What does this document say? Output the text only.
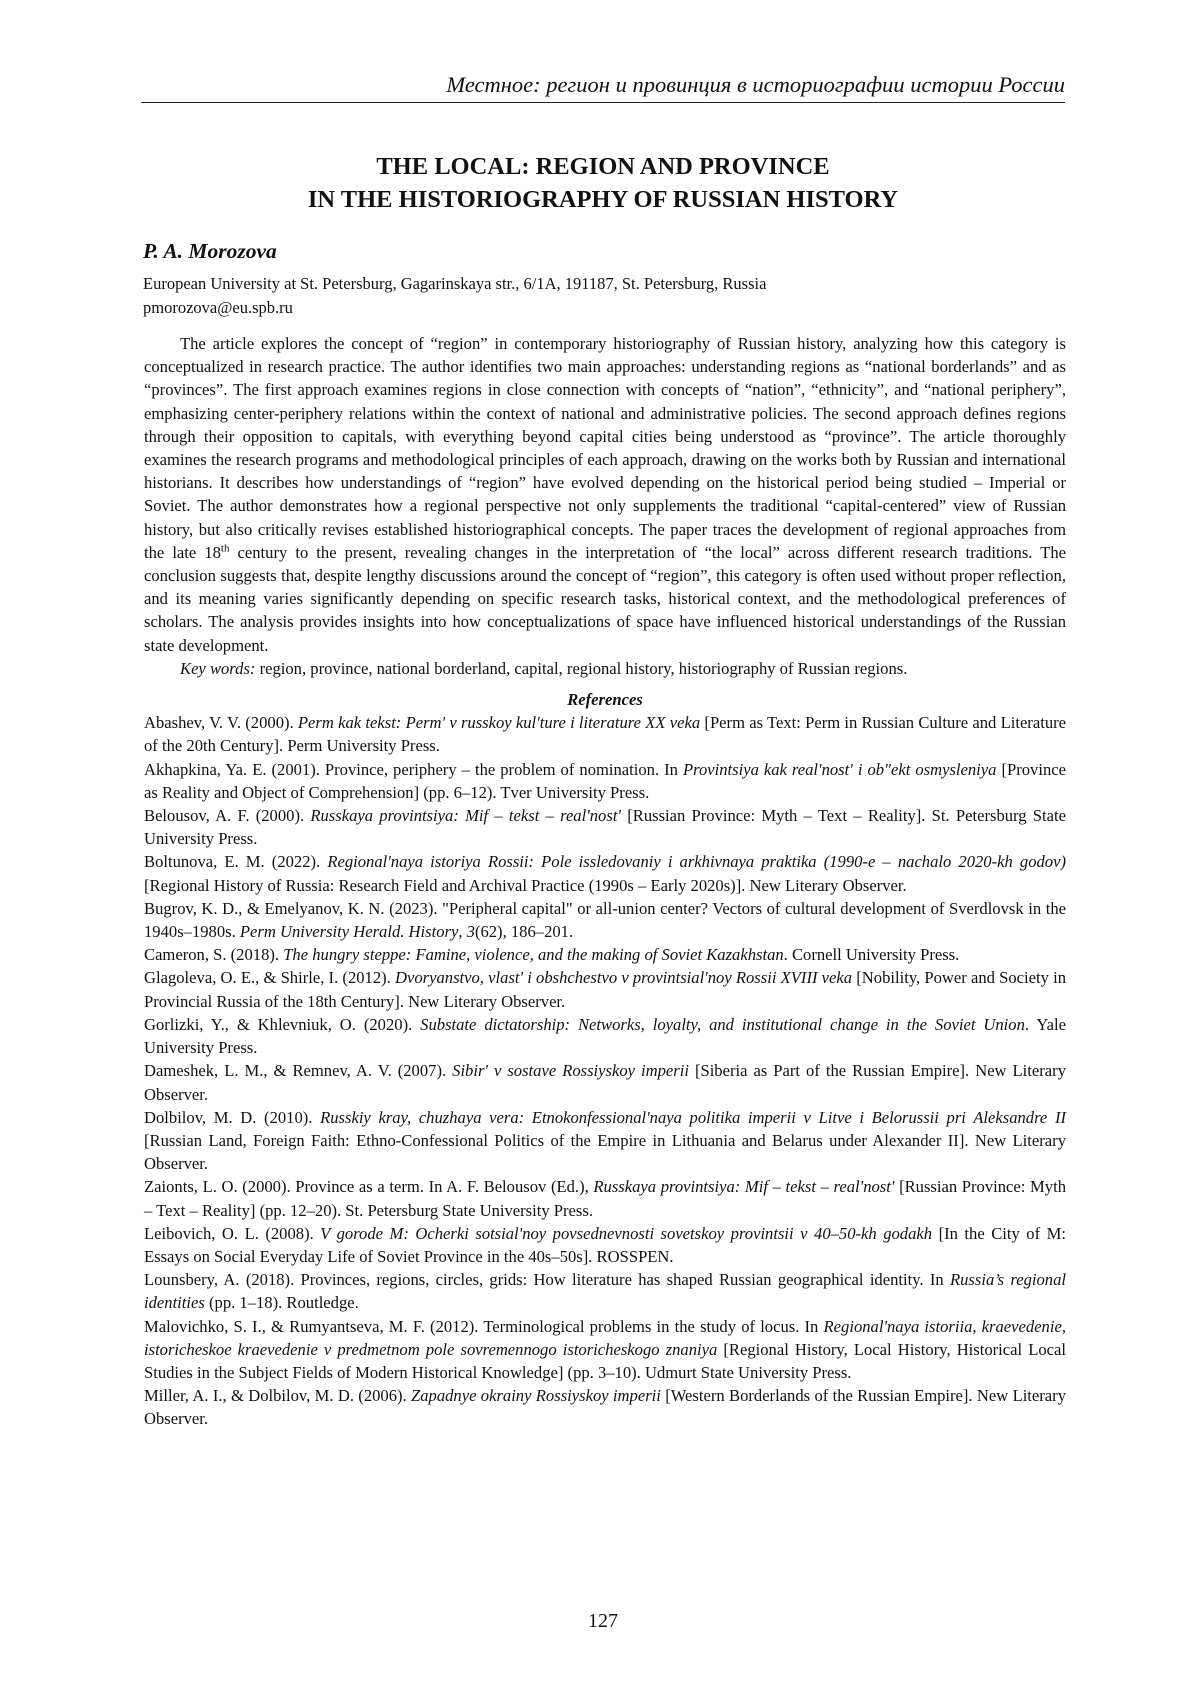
Местное: регион и провинция в историографии истории России
THE LOCAL: REGION AND PROVINCE
IN THE HISTORIOGRAPHY OF RUSSIAN HISTORY

P. A. Morozova

European University at St. Petersburg, Gagarinskaya str., 6/1A, 191187, St. Petersburg, Russia
pmorozova@eu.spb.ru

The article explores the concept of “region” in contemporary historiography of Russian history, analyzing how this category is conceptualized in research practice. The author identifies two main approaches: understanding re­gions as “national borderlands” and as “provinces”. The first approach examines regions in close connection with concepts of “nation”, “ethnicity”, and “national periphery”, emphasizing center-periphery relations within the context of national and administrative policies. The second approach defines regions through their opposition to capitals, with everything beyond capital cities being understood as “province”. The article thoroughly examines the research programs and methodological principles of each approach, drawing on the works both by Russian and international historians. It describes how understandings of “region” have evolved depending on the historical period being studied – Imperial or Soviet. The author demonstrates how a regional perspective not only supplements the traditional “capi­tal-centered” view of Russian history, but also critically revises established historiographical concepts. The paper traces the development of regional approaches from the late 18th century to the present, revealing changes in the in­terpretation of “the local” across different research traditions. The conclusion suggests that, despite lengthy discus­sions around the concept of “region”, this category is often used without proper reflection, and its meaning varies significantly depending on specific research tasks, historical context, and the methodological preferences of scholars. The analysis provides insights into how conceptualizations of space have influenced historical understandings of the Russian state development.

Key words: region, province, national borderland, capital, regional history, historiography of Russian regions.

References
Abashev, V. V. (2000). Perm kak tekst: Perm' v russkoy kul'ture i literature XX veka [Perm as Text: Perm in Russian Culture and Literature of the 20th Century]. Perm University Press.
Akhapkina, Ya. E. (2001). Province, periphery – the problem of nomination. In Provintsiya kak real'nost' i ob"ekt osmysleniya [Province as Reality and Object of Comprehension] (pp. 6–12). Tver University Press.
Belousov, A. F. (2000). Russkaya provintsiya: Mif – tekst – real'nost' [Russian Province: Myth – Text – Reality]. St. Petersburg State University Press.
Boltunova, E. M. (2022). Regional'naya istoriya Rossii: Pole issledovaniy i arkhivnaya praktika (1990-e – nachalo 2020-kh godov) [Regional History of Russia: Research Field and Archival Practice (1990s – Early 2020s)]. New Literary Observer.
Bugrov, K. D., & Emelyanov, K. N. (2023). "Peripheral capital" or all-union center? Vectors of cultural devel­opment of Sverdlovsk in the 1940s–1980s. Perm University Herald. History, 3(62), 186–201.
Cameron, S. (2018). The hungry steppe: Famine, violence, and the making of Soviet Kazakhstan. Cornell Uni­versity Press.
Glagoleva, O. E., & Shirle, I. (2012). Dvoryanstvo, vlast' i obshchestvo v provintsial'noy Rossii XVIII veka [No­bility, Power and Society in Provincial Russia of the 18th Century]. New Literary Observer.
Gorlizki, Y., & Khlevniuk, O. (2020). Substate dictatorship: Networks, loyalty, and institutional change in the Soviet Union. Yale University Press.
Dameshek, L. M., & Remnev, A. V. (2007). Sibir' v sostave Rossiyskoy imperii [Siberia as Part of the Russian Empire]. New Literary Observer.
Dolbilov, M. D. (2010). Russkiy kray, chuzhaya vera: Etnokonfessional'naya politika imperii v Litve i Belorussii pri Aleksandre II [Russian Land, Foreign Faith: Ethno-Confessional Politics of the Empire in Lithuania and Bel­arus under Alexander II]. New Literary Observer.
Zaionts, L. O. (2000). Province as a term. In A. F. Belousov (Ed.), Russkaya provintsiya: Mif – tekst – real'nost' [Russian Province: Myth – Text – Reality] (pp. 12–20). St. Petersburg State University Press.
Leibovich, O. L. (2008). V gorode M: Ocherki sotsial'noy povsednevnosti sovetskoy provintsii v 40–50-kh go­dakh [In the City of M: Essays on Social Everyday Life of Soviet Province in the 40s–50s]. ROSSPEN.
Lounsbery, A. (2018). Provinces, regions, circles, grids: How literature has shaped Russian geographical identi­ty. In Russia’s regional identities (pp. 1–18). Routledge.
Malovichko, S. I., & Rumyantseva, M. F. (2012). Terminological problems in the study of locus. In Region­al'naya istoriia, kraevedenie, istoricheskoe kraevedenie v predmetnom pole sovremennogo istoricheskogo znani­ya [Regional History, Local History, Historical Local Studies in the Subject Fields of Modern Historical Knowledge] (pp. 3–10). Udmurt State University Press.
Miller, A. I., & Dolbilov, M. D. (2006). Zapadnye okrainy Rossiyskoy imperii [Western Borderlands of the Rus­sian Empire]. New Literary Observer.
127
